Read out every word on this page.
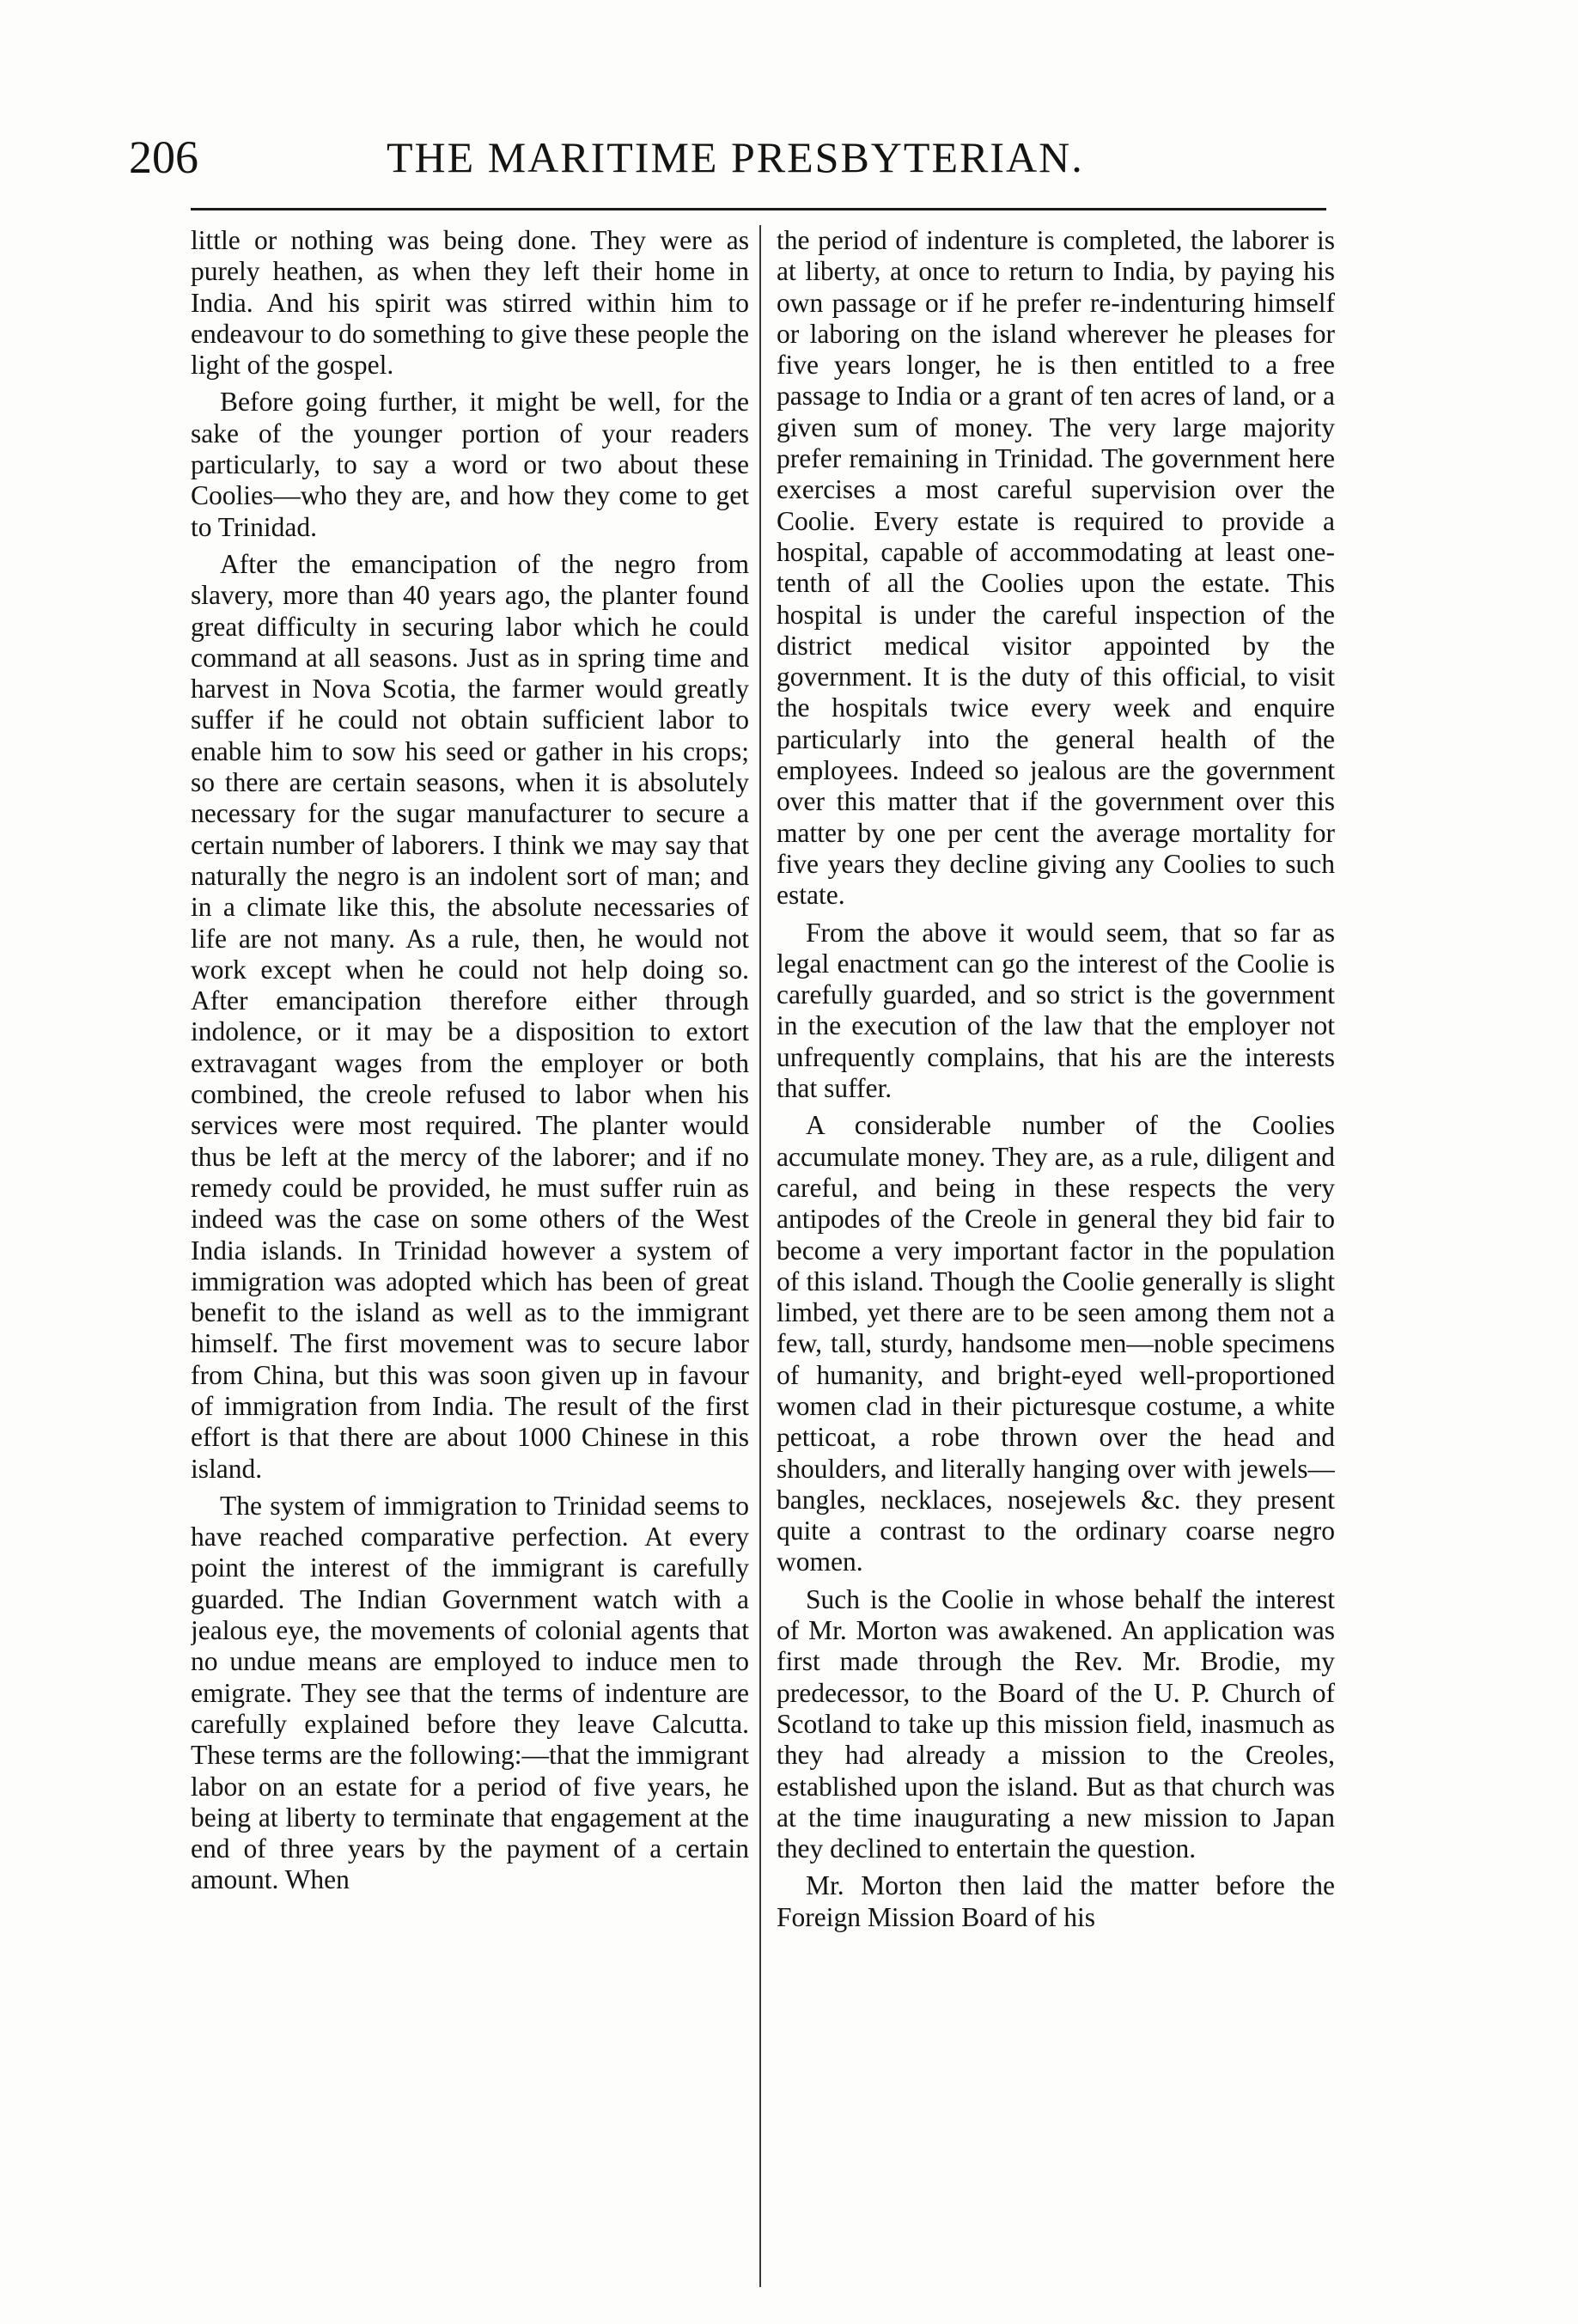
206	THE MARITIME PRESBYTERIAN.

little or nothing was being done. They were as purely heathen, as when they left their home in India. And his spirit was stirred within him to endeavour to do something to give these people the light of the gospel.

Before going further, it might be well, for the sake of the younger portion of your readers particularly, to say a word or two about these Coolies—who they are, and how they come to get to Trinidad.

After the emancipation of the negro from slavery, more than 40 years ago, the planter found great difficulty in securing labor which he could command at all seasons. Just as in spring time and harvest in Nova Scotia, the farmer would greatly suffer if he could not obtain sufficient labor to enable him to sow his seed or gather in his crops; so there are certain seasons, when it is absolutely necessary for the sugar manufacturer to secure a certain number of laborers. I think we may say that naturally the negro is an indolent sort of man; and in a climate like this, the absolute necessaries of life are not many. As a rule, then, he would not work except when he could not help doing so. After emancipation therefore either through indolence, or it may be a disposition to extort extravagant wages from the employer or both combined, the creole refused to labor when his services were most required. The planter would thus be left at the mercy of the laborer; and if no remedy could be provided, he must suffer ruin as indeed was the case on some others of the West India islands. In Trinidad however a system of immigration was adopted which has been of great benefit to the island as well as to the immigrant himself. The first movement was to secure labor from China, but this was soon given up in favour of immigration from India. The result of the first effort is that there are about 1000 Chinese in this island.

The system of immigration to Trinidad seems to have reached comparative perfection. At every point the interest of the immigrant is carefully guarded. The Indian Government watch with a jealous eye, the movements of colonial agents that no undue means are employed to induce men to emigrate. They see that the terms of indenture are carefully explained before they leave Calcutta. These terms are the following:—that the immigrant labor on an estate for a period of five years, he being at liberty to terminate that engagement at the end of three years by the payment of a certain amount. When

the period of indenture is completed, the laborer is at liberty, at once to return to India, by paying his own passage or if he prefer re-indenturing himself or laboring on the island wherever he pleases for five years longer, he is then entitled to a free passage to India or a grant of ten acres of land, or a given sum of money. The very large majority prefer remaining in Trinidad. The government here exercises a most careful supervision over the Coolie. Every estate is required to provide a hospital, capable of accommodating at least one-tenth of all the Coolies upon the estate. This hospital is under the careful inspection of the district medical visitor appointed by the government. It is the duty of this official, to visit the hospitals twice every week and enquire particularly into the general health of the employees. Indeed so jealous are the government over this matter that if the government over this matter by one per cent the average mortality for five years they decline giving any Coolies to such estate.

From the above it would seem, that so far as legal enactment can go the interest of the Coolie is carefully guarded, and so strict is the government in the execution of the law that the employer not unfrequently complains, that his are the interests that suffer.

A considerable number of the Coolies accumulate money. They are, as a rule, diligent and careful, and being in these respects the very antipodes of the Creole in general they bid fair to become a very important factor in the population of this island. Though the Coolie generally is slight limbed, yet there are to be seen among them not a few, tall, sturdy, handsome men—noble specimens of humanity, and bright-eyed well-proportioned women clad in their picturesque costume, a white petticoat, a robe thrown over the head and shoulders, and literally hanging over with jewels—bangles, necklaces, nosejewels &c. they present quite a contrast to the ordinary coarse negro women.

Such is the Coolie in whose behalf the interest of Mr. Morton was awakened. An application was first made through the Rev. Mr. Brodie, my predecessor, to the Board of the U. P. Church of Scotland to take up this mission field, inasmuch as they had already a mission to the Creoles, established upon the island. But as that church was at the time inaugurating a new mission to Japan they declined to entertain the question.

Mr. Morton then laid the matter before the Foreign Mission Board of his
